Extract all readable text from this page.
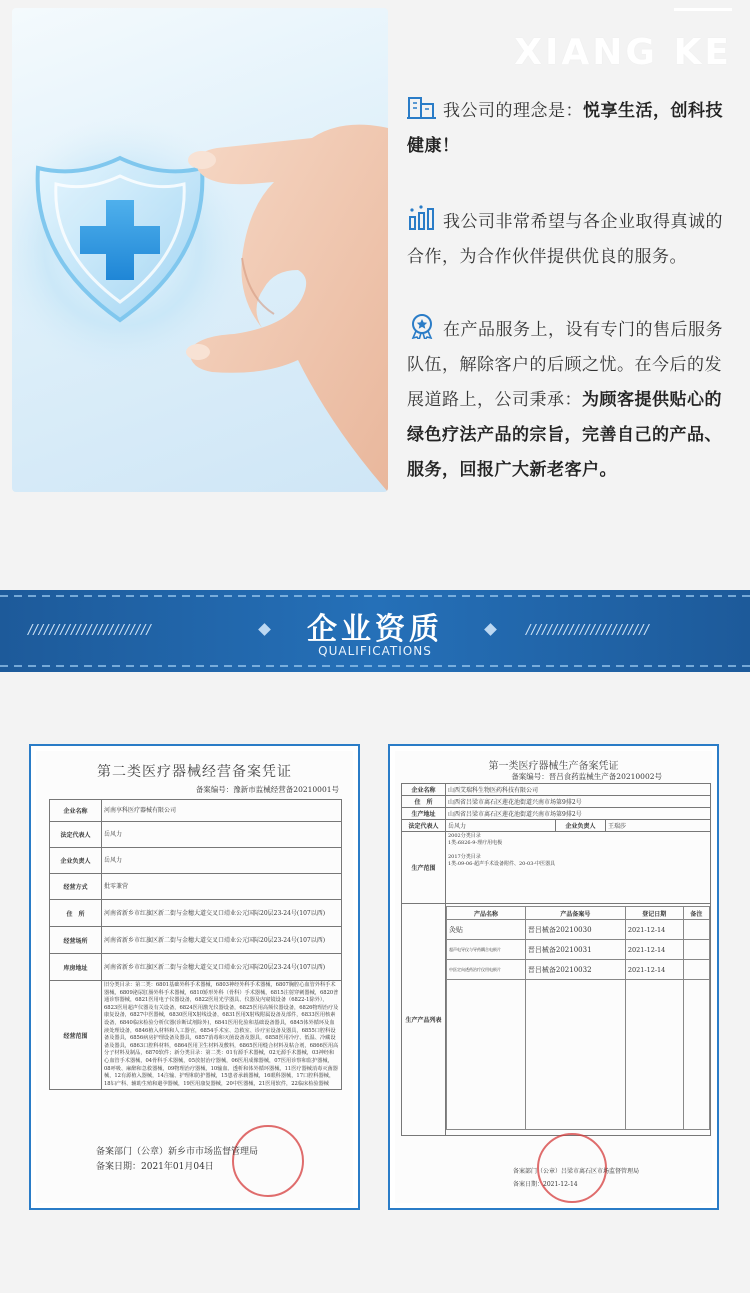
XIANG KE
我公司的理念是：悦享生活，创科技健康！
我公司非常希望与各企业取得真诚的合作，为合作伙伴提供优良的服务。
在产品服务上，设有专门的售后服务队伍，解除客户的后顾之忧。在今后的发展道路上，公司秉承：为顾客提供贴心的绿色疗法产品的宗旨，完善自己的产品、服务，回报广大新老客户。
///////////////////////	企业资质
QUALIFICATIONS
///////////////////////
第二类医疗器械经营备案凭证
备案编号：豫新市监械经营备20210001号
企业名称	河南享科医疗器械有限公司
法定代表人	岳风力
企业负责人	岳风力
经营方式	批零兼营
住　所	河南省新乡市红旗区新二街与金穗大道交叉口靖业公元国际20层23-24号(107以西)
经营场所	河南省新乡市红旗区新二街与金穗大道交叉口靖业公元国际20层23-24号(107以西)
库房地址	河南省新乡市红旗区新二街与金穗大道交叉口靖业公元国际20层23-24号(107以西)
经营范围	旧分类目录：第二类：6801基础外科手术器械，6803神经外科手术器械，6807胸腔心血管外科手术器械，6809泌尿肛肠外科手术器械，6810矫形外科（骨科）手术器械，6815注射穿刺器械，6820普通诊察器械，6821医用电子仪器设备，6822医用光学器具、仪器及内窥镜设备（6822-1除外），6823医用超声仪器及有关设备，6824医用激光仪器设备，6825医用高频仪器设备，6826物理治疗及康复设备，6827中医器械，6830医用X射线设备，6831医用X射线附属设备及部件，6833医用核素设备，6840临床检验分析仪器(诊断试剂除外)，6841医用化验和基础设备器具，6845体外循环及血液处理设备，6846植入材料和人工器官，6854手术室、急救室、诊疗室设备及器具，6855口腔科设备及器具，6856病房护理设备及器具，6857消毒和灭菌设备及器具，6858医用冷疗、低温、冷藏设备及器具，6863口腔科材料，6864医用卫生材料及敷料，6865医用缝合材料及粘合剂，6866医用高分子材料及制品，6870软件；新分类目录：第二类：01有源手术器械，02无源手术器械，03神经和心血管手术器械，04骨科手术器械，05放射治疗器械，06医用成像器械，07医用诊察和监护器械，08呼吸、麻醉和急救器械，09物理治疗器械，10输血、透析和体外循环器械，11医疗器械消毒灭菌器械，12有源植入器械，14注输、护理和防护器械，15患者承载器械，16眼科器械，17口腔科器械，18妇产科、辅助生殖和避孕器械，19医用康复器械，20中医器械，21医用软件，22临床检验器械
备案部门（公章）新乡市市场监督管理局
备案日期：2021年01月04日
第一类医疗器械生产备案凭证
备案编号：晋吕食药监械生产备20210002号
企业名称	山西艾瑞科生物医药科技有限公司
住　所	山西省吕梁市离石区莲花池街道兴南市场第9排2号
生产地址	山西省吕梁市离石区莲花池街道兴南市场第9排2号
法定代表人	岳风力	企业负责人	王瑞莎
生产范围	
2002分类目录
1类:6826-9-理疗用电极
2017分类目录
1类:09-06-超声手术设备附件、20-03-中医器具

生产产品列表	
产品名称	产品备案号	登记日期	备注
灸贴	晋吕械备20210030	2021-12-14	
超声电导仪与导药耦合电极片	晋吕械备20210031	2021-12-14	
中医定向透药治疗仪用电极片	晋吕械备20210032	2021-12-14	

备案部门（公章）吕梁市离石区市场监督管理局
备案日期：2021-12-14
